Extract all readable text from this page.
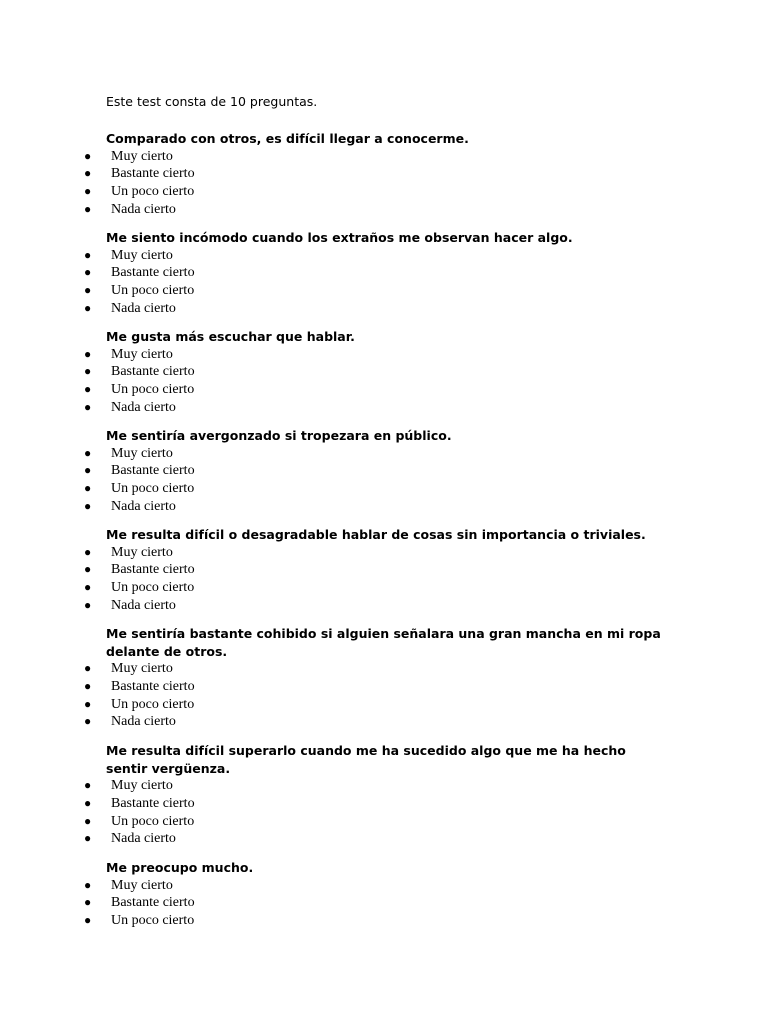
Este test consta de 10 preguntas.

Comparado con otros, es difícil llegar a conocerme.

● Muy cierto
● Bastante cierto
● Un poco cierto
● Nada cierto

Me siento incómodo cuando los extraños me observan hacer algo.

● Muy cierto
● Bastante cierto
● Un poco cierto
● Nada cierto

Me gusta más escuchar que hablar.

● Muy cierto
● Bastante cierto
● Un poco cierto
● Nada cierto

Me sentiría avergonzado si tropezara en público.

● Muy cierto
● Bastante cierto
● Un poco cierto
● Nada cierto

Me resulta difícil o desagradable hablar de cosas sin importancia o triviales.

● Muy cierto
● Bastante cierto
● Un poco cierto
● Nada cierto

Me sentiría bastante cohibido si alguien señalara una gran mancha en mi ropa delante de otros.

● Muy cierto
● Bastante cierto
● Un poco cierto
● Nada cierto

Me resulta difícil superarlo cuando me ha sucedido algo que me ha hecho sentir vergüenza.

● Muy cierto
● Bastante cierto
● Un poco cierto
● Nada cierto

Me preocupo mucho.

● Muy cierto
● Bastante cierto
● Un poco cierto
